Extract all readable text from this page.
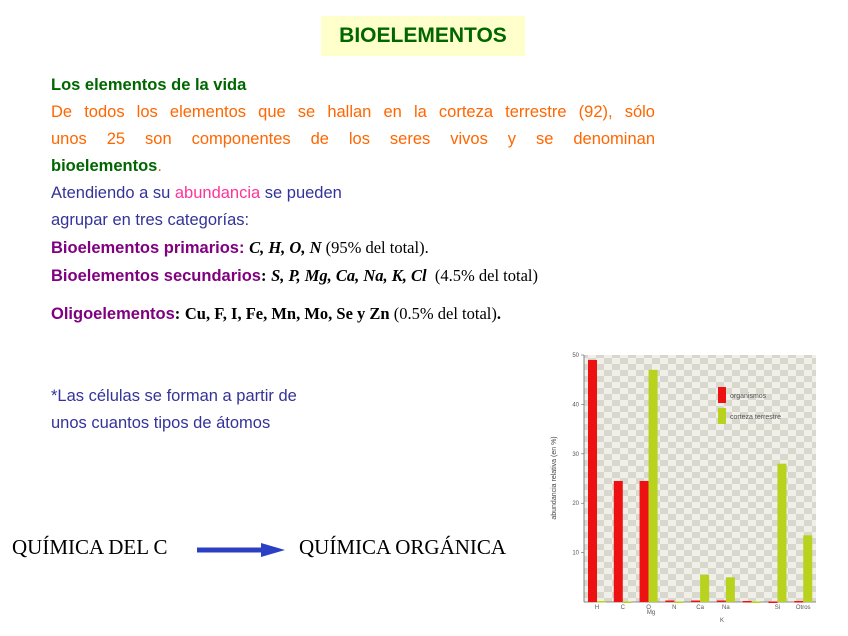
BIOELEMENTOS
Los elementos de la vida
De todos los elementos que se hallan en la corteza terrestre (92), sólo
unos 25 son componentes de los seres vivos y se denominan
bioelementos.
Atendiendo a su abundancia se pueden
agrupar en tres categorías:
Bioelementos primarios: C, H, O, N (95% del total).
Bioelementos secundarios: S, P, Mg, Ca, Na, K, Cl  (4.5% del total)
Oligoelementos: Cu, F, I, Fe, Mn, Mo, Se y Zn (0.5% del total).
*Las células se forman a partir de
unos cuantos tipos de átomos
QUÍMICA DEL C	QUÍMICA ORGÁNICA
abundancia relativa (en %)
10
20
30
40
50
H	C	O	N	Ca	Na	Si	Otros
organismos
corteza terrestre
Mg
K
